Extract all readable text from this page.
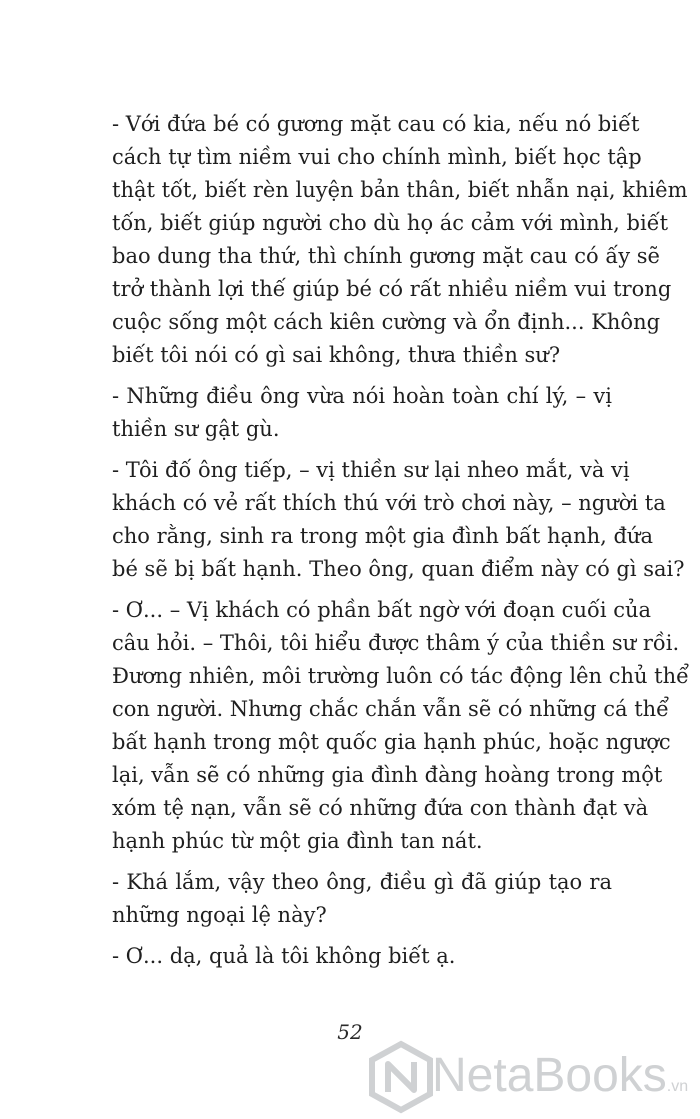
- Với đứa bé có gương mặt cau có kia, nếu nó biết
cách tự tìm niềm vui cho chính mình, biết học tập
thật tốt, biết rèn luyện bản thân, biết nhẫn nại, khiêm
tốn, biết giúp người cho dù họ ác cảm với mình, biết
bao dung tha thứ, thì chính gương mặt cau có ấy sẽ
trở thành lợi thế giúp bé có rất nhiều niềm vui trong
cuộc sống một cách kiên cường và ổn định... Không
biết tôi nói có gì sai không, thưa thiền sư?
- Những điều ông vừa nói hoàn toàn chí lý, – vị
thiền sư gật gù.
- Tôi đố ông tiếp, – vị thiền sư lại nheo mắt, và vị
khách có vẻ rất thích thú với trò chơi này, – người ta
cho rằng, sinh ra trong một gia đình bất hạnh, đứa
bé sẽ bị bất hạnh. Theo ông, quan điểm này có gì sai?
- Ơ... – Vị khách có phần bất ngờ với đoạn cuối của
câu hỏi. – Thôi, tôi hiểu được thâm ý của thiền sư rồi.
Đương nhiên, môi trường luôn có tác động lên chủ thể
con người. Nhưng chắc chắn vẫn sẽ có những cá thể
bất hạnh trong một quốc gia hạnh phúc, hoặc ngược
lại, vẫn sẽ có những gia đình đàng hoàng trong một
xóm tệ nạn, vẫn sẽ có những đứa con thành đạt và
hạnh phúc từ một gia đình tan nát.
- Khá lắm, vậy theo ông, điều gì đã giúp tạo ra
những ngoại lệ này?
- Ơ... dạ, quả là tôi không biết ạ.
52
NetaBooks.vn
